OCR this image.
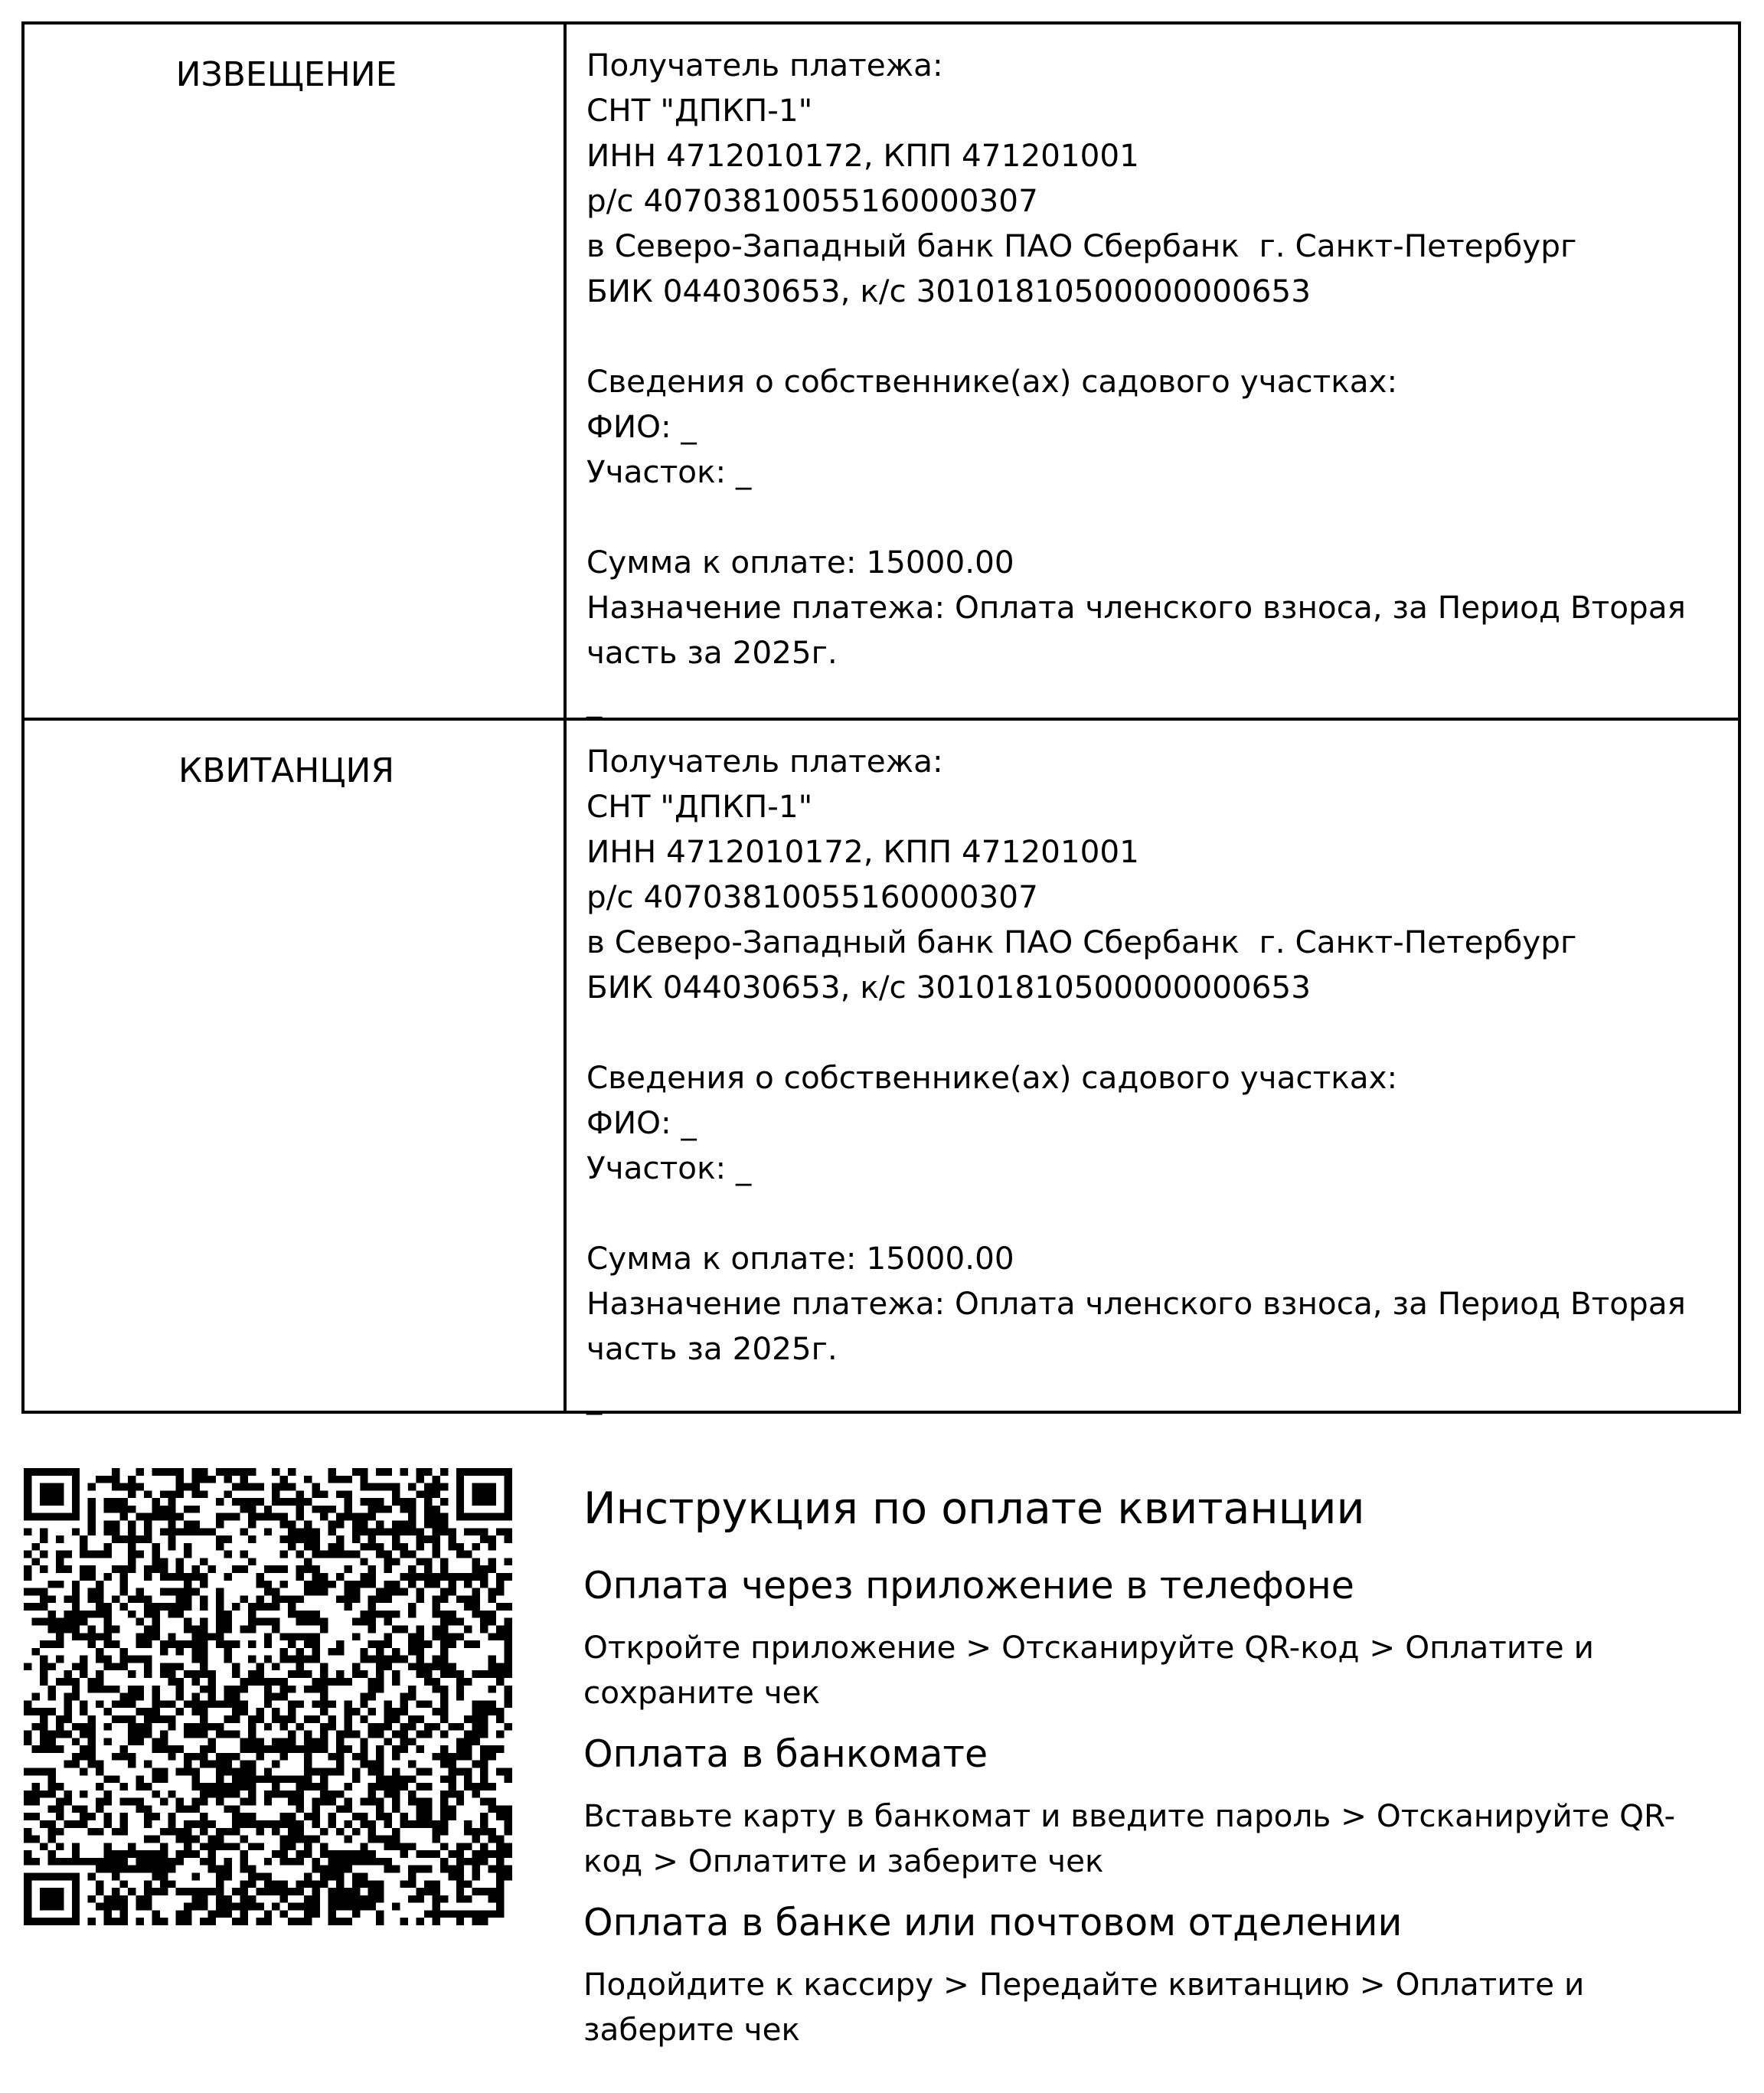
ИЗВЕЩЕНИЕ	Получатель платежа:
СНТ "ДПКП-1"
ИНН 4712010172, КПП 471201001
р/с 40703810055160000307
в Северо-Западный банк ПАО Сбербанк  г. Санкт-Петербург
БИК 044030653, к/с 30101810500000000653
Сведения о собственнике(ах) садового участках:
ФИО: _
Участок: _
Сумма к оплате: 15000.00
Назначение платежа: Оплата членского взноса, за Период Вторая часть за 2025г.
_
КВИТАНЦИЯ	Получатель платежа:
СНТ "ДПКП-1"
ИНН 4712010172, КПП 471201001
р/с 40703810055160000307
в Северо-Западный банк ПАО Сбербанк  г. Санкт-Петербург
БИК 044030653, к/с 30101810500000000653
Сведения о собственнике(ах) садового участках:
ФИО: _
Участок: _
Сумма к оплате: 15000.00
Назначение платежа: Оплата членского взноса, за Период Вторая часть за 2025г.
_
Инструкция по оплате квитанции
Оплата через приложение в телефоне

Откройте приложение > Отсканируйте QR-код > Оплатите и сохраните чек

Оплата в банкомате

Вставьте карту в банкомат и введите пароль > Отсканируйте QR-код > Оплатите и заберите чек

Оплата в банке или почтовом отделении

Подойдите к кассиру > Передайте квитанцию > Оплатите и заберите чек
